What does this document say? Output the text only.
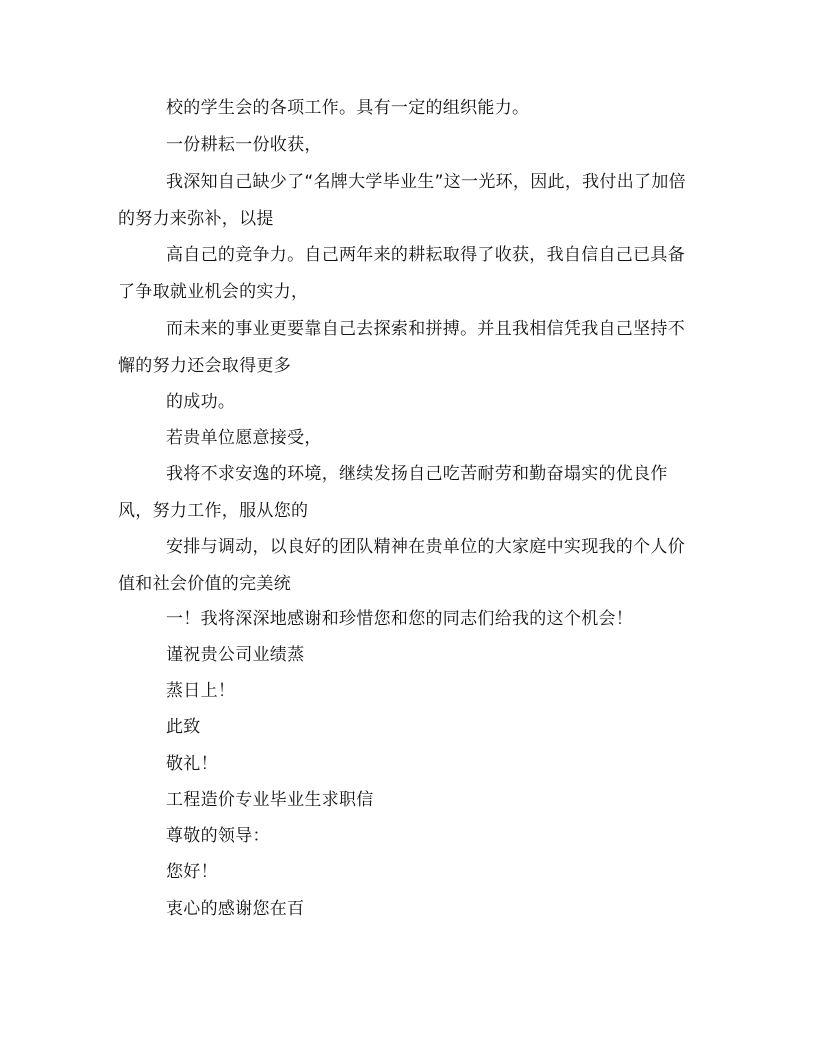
校的学生会的各项工作。具有一定的组织能力。

一份耕耘一份收获，

我深知自己缺少了“名牌大学毕业生”这一光环，因此，我付出了加倍的努力来弥补，以提

高自己的竞争力。自己两年来的耕耘取得了收获，我自信自己已具备了争取就业机会的实力，

而未来的事业更要靠自己去探索和拼搏。并且我相信凭我自己坚持不懈的努力还会取得更多

的成功。

若贵单位愿意接受，

我将不求安逸的环境，继续发扬自己吃苦耐劳和勤奋塌实的优良作风，努力工作，服从您的

安排与调动，以良好的团队精神在贵单位的大家庭中实现我的个人价值和社会价值的完美统

一！我将深深地感谢和珍惜您和您的同志们给我的这个机会！

谨祝贵公司业绩蒸

蒸日上！

此致

敬礼！

工程造价专业毕业生求职信

尊敬的领导：

您好！

衷心的感谢您在百
